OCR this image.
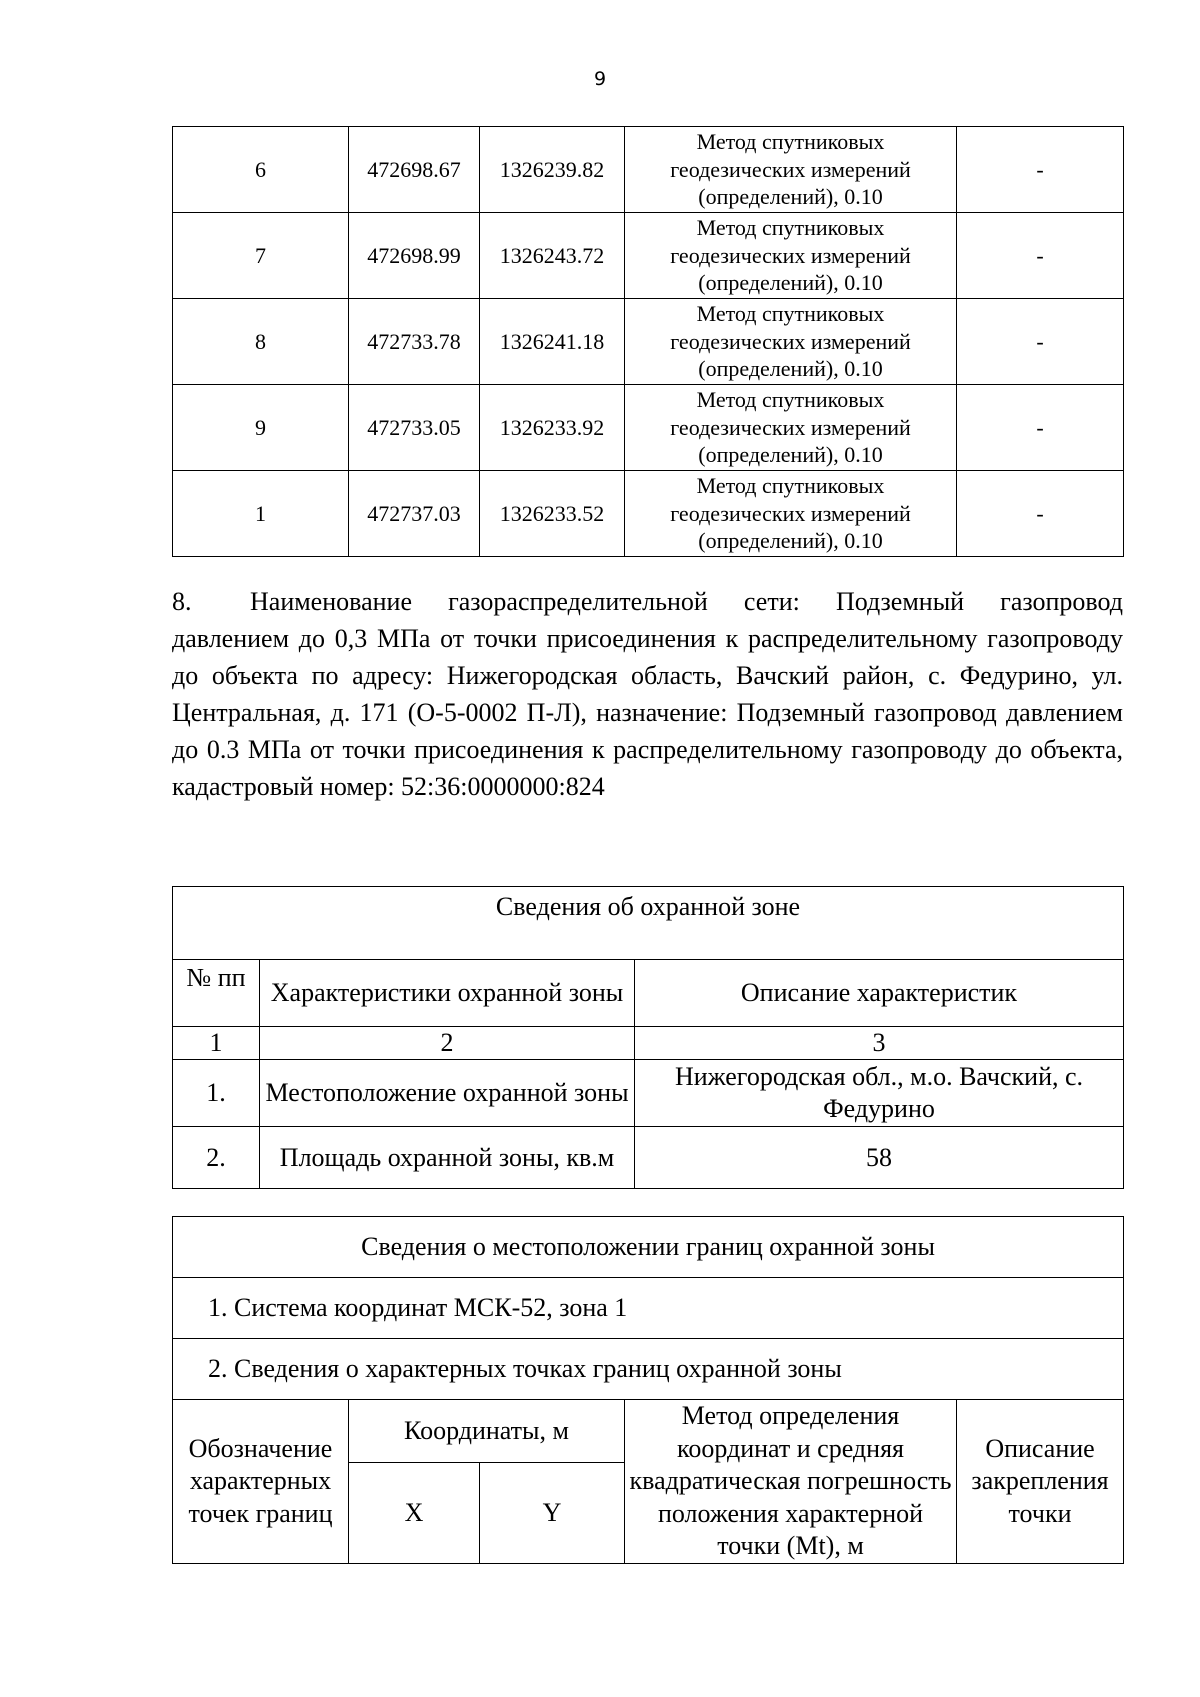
9
6	472698.67	1326239.82	Метод спутниковых
геодезических измерений
(определений), 0.10	-
7	472698.99	1326243.72	Метод спутниковых
геодезических измерений
(определений), 0.10	-
8	472733.78	1326241.18	Метод спутниковых
геодезических измерений
(определений), 0.10	-
9	472733.05	1326233.92	Метод спутниковых
геодезических измерений
(определений), 0.10	-
1	472737.03	1326233.52	Метод спутниковых
геодезических измерений
(определений), 0.10	-

8. Наименование газораспределительной сети: Подземный газопровод давлением до 0,3 МПа от точки присоединения к распределительному газопроводу до объекта по адресу: Нижегородская область, Вачский район, с. Федурино, ул. Центральная, д. 171 (О-5-0002 П-Л), назначение: Подземный газопровод давлением до 0.3 МПа от точки присоединения к распределительному газопроводу до объекта, кадастровый номер: 52:36:0000000:824

Сведения об охранной зоне		
№ пп	Характеристики охранной зоны	Описание характеристик
1	2	3
1.	Местоположение охранной зоны	Нижегородская обл., м.о. Вачский, с. Федурино
2.	Площадь охранной зоны, кв.м	58
Сведения о местоположении границ охранной зоны				
1. Система координат МСК-52, зона 1				
2. Сведения о характерных точках границ охранной зоны				
Обозначение характерных точек границ	Координаты, м		Метод определения координат и средняя квадратическая погрешность положения характерной точки (Mt), м	Описание закрепления точки
	X	Y		
